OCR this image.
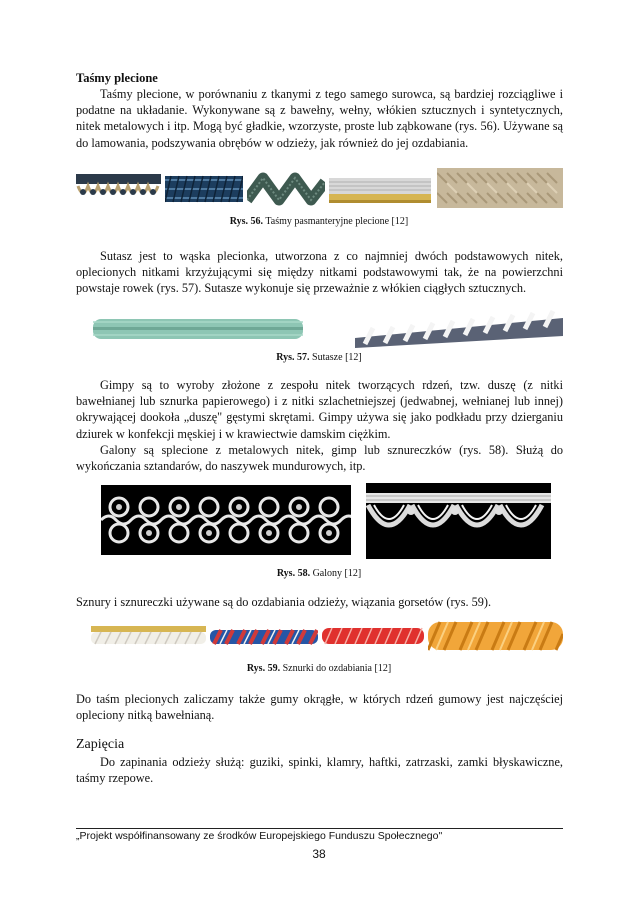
Taśmy plecione

Taśmy plecione, w porównaniu z tkanymi z tego samego surowca, są bardziej rozciągliwe i podatne na układanie. Wykonywane są z bawełny, wełny, włókien sztucznych i syntetycznych, nitek metalowych i itp. Mogą być gładkie, wzorzyste, proste lub ząbkowane (rys. 56). Używane są do lamowania, podszywania obrębów w odzieży, jak również do jej ozdabiania.

Rys. 56. Taśmy pasmanteryjne plecione [12]

Sutasz jest to wąska plecionka, utworzona z co najmniej dwóch podstawowych nitek, oplecionych nitkami krzyżującymi się między nitkami podstawowymi tak, że na powierzchni powstaje rowek (rys. 57). Sutasze wykonuje się przeważnie z włókien ciągłych sztucznych.

Rys. 57. Sutasze [12]

Gimpy są to wyroby złożone z zespołu nitek tworzących rdzeń, tzw. duszę (z nitki bawełnianej lub sznurka papierowego) i z nitki szlachetniejszej (jedwabnej, wełnianej lub innej) okrywającej dookoła „duszę" gęstymi skrętami. Gimpy używa się jako podkładu przy dzierganiu dziurek w konfekcji męskiej i w krawiectwie damskim ciężkim.

Galony są splecione z metalowych nitek, gimp lub sznureczków (rys. 58). Służą do wykończania sztandarów, do naszywek mundurowych, itp.

Rys. 58. Galony [12]

Sznury i sznureczki używane są do ozdabiania odzieży, wiązania gorsetów (rys. 59).

Rys. 59. Sznurki do ozdabiania [12]

Do taśm plecionych zaliczamy także gumy okrągłe, w których rdzeń gumowy jest najczęściej opleciony nitką bawełnianą.

Zapięcia

Do zapinania odzieży służą: guziki, spinki, klamry, haftki, zatrzaski, zamki błyskawiczne, taśmy rzepowe.

„Projekt współfinansowany ze środków Europejskiego Funduszu Społecznego"
38
